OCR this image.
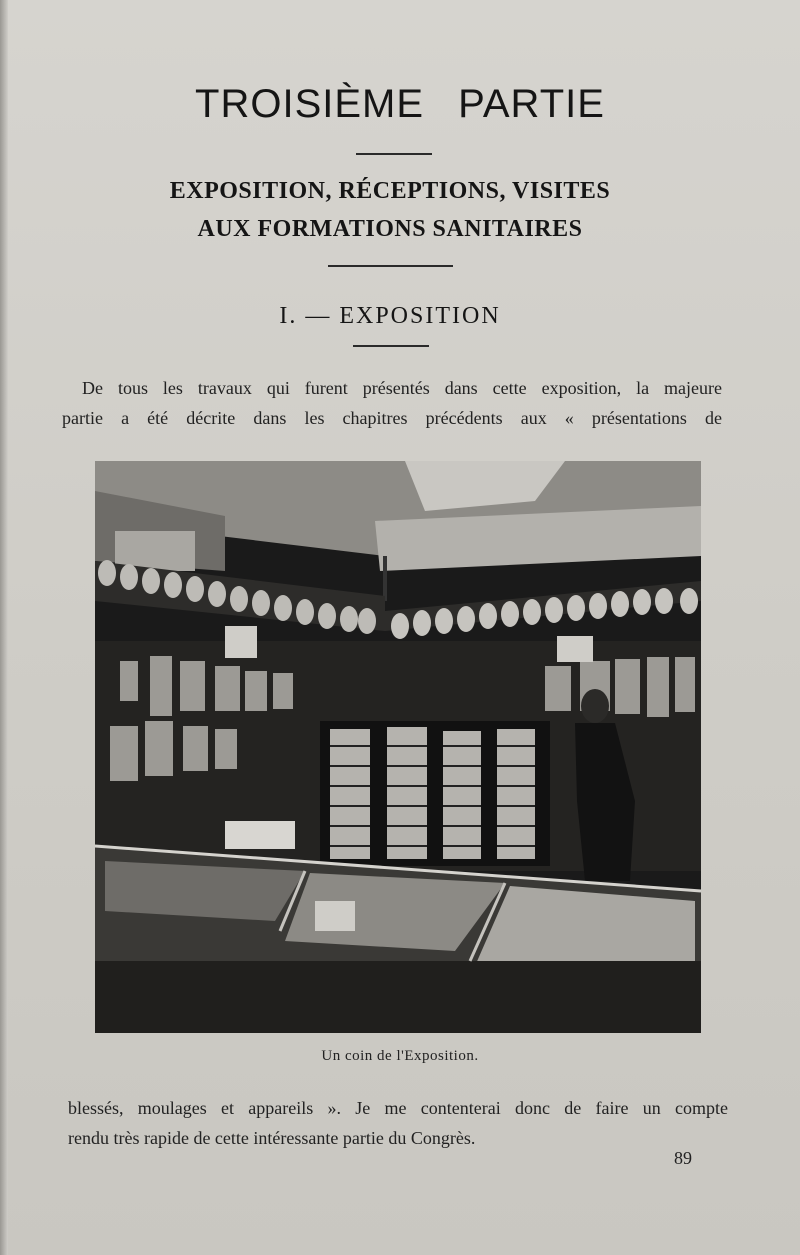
TROISIÈME PARTIE
EXPOSITION, RÉCEPTIONS, VISITES
AUX FORMATIONS SANITAIRES
I. — EXPOSITION
De tous les travaux qui furent présentés dans cette exposition, la majeure
partie a été décrite dans les chapitres précédents aux « présentations de
Un coin de l'Exposition.
blessés, moulages et appareils ». Je me contenterai donc de faire un compte
rendu très rapide de cette intéressante partie du Congrès.
89
